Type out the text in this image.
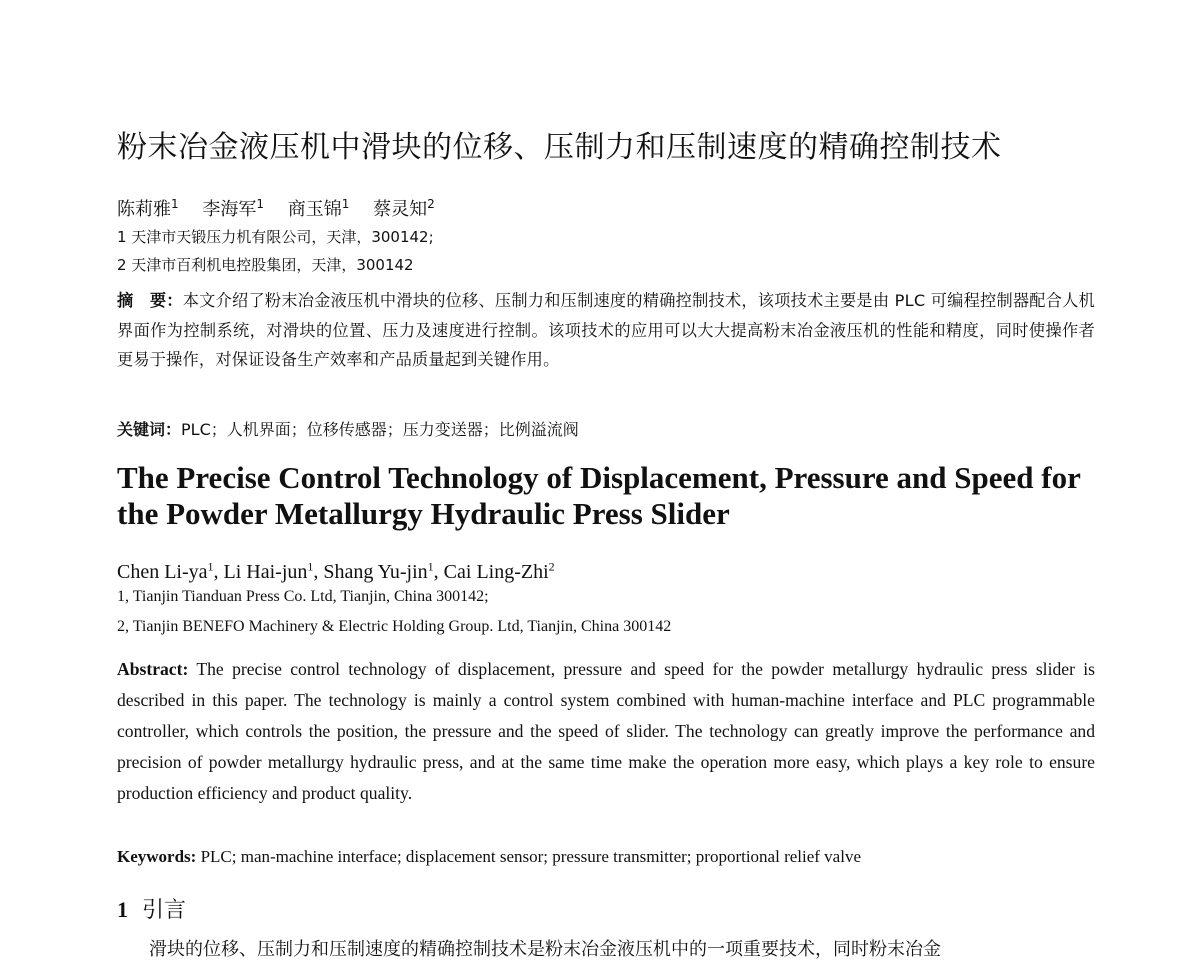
粉末冶金液压机中滑块的位移、压制力和压制速度的精确控制技术
陈莉雅$^1$ 李海军$^1$ 商玉锦$^1$ 蔡灵知$^2$
1 天津市天锻压力机有限公司，天津，300142;
2 天津市百利机电控股集团，天津，300142
摘　要：本文介绍了粉末冶金液压机中滑块的位移、压制力和压制速度的精确控制技术，该项技术主要是由 PLC 可编程控制器配合人机界面作为控制系统，对滑块的位置、压力及速度进行控制。该项技术的应用可以大大提高粉末冶金液压机的性能和精度，同时使操作者更易于操作，对保证设备生产效率和产品质量起到关键作用。
关键词：PLC；人机界面；位移传感器；压力变送器；比例溢流阀
The Precise Control Technology of Displacement, Pressure and Speed for the Powder Metallurgy Hydraulic Press Slider
Chen $Li-ya^1$, Li Hai-jun$^1$, Shang Yu-jin$^1$, Cai Ling-Zhi$^2$
1, Tianjin Tianduan Press Co. Ltd, Tianjin, China 300142;
2, Tianjin BENEFO Machinery & Electric Holding Group. Ltd, Tianjin, China 300142
Abstract: The precise control technology of displacement, pressure and speed for the powder metallurgy hydraulic press slider is described in this paper. The technology is mainly a control system combined with human-machine interface and PLC programmable controller, which controls the position, the pressure and the speed of slider. The technology can greatly improve the performance and precision of powder metallurgy hydraulic press, and at the same time make the operation more easy, which plays a key role to ensure production efficiency and product quality.
Keywords: PLC; man-machine interface; displacement sensor; pressure transmitter; proportional relief valve
1 引言
滑块的位移、压制力和压制速度的精确控制技术是粉末冶金液压机中的一项重要技术，同时粉末冶金
